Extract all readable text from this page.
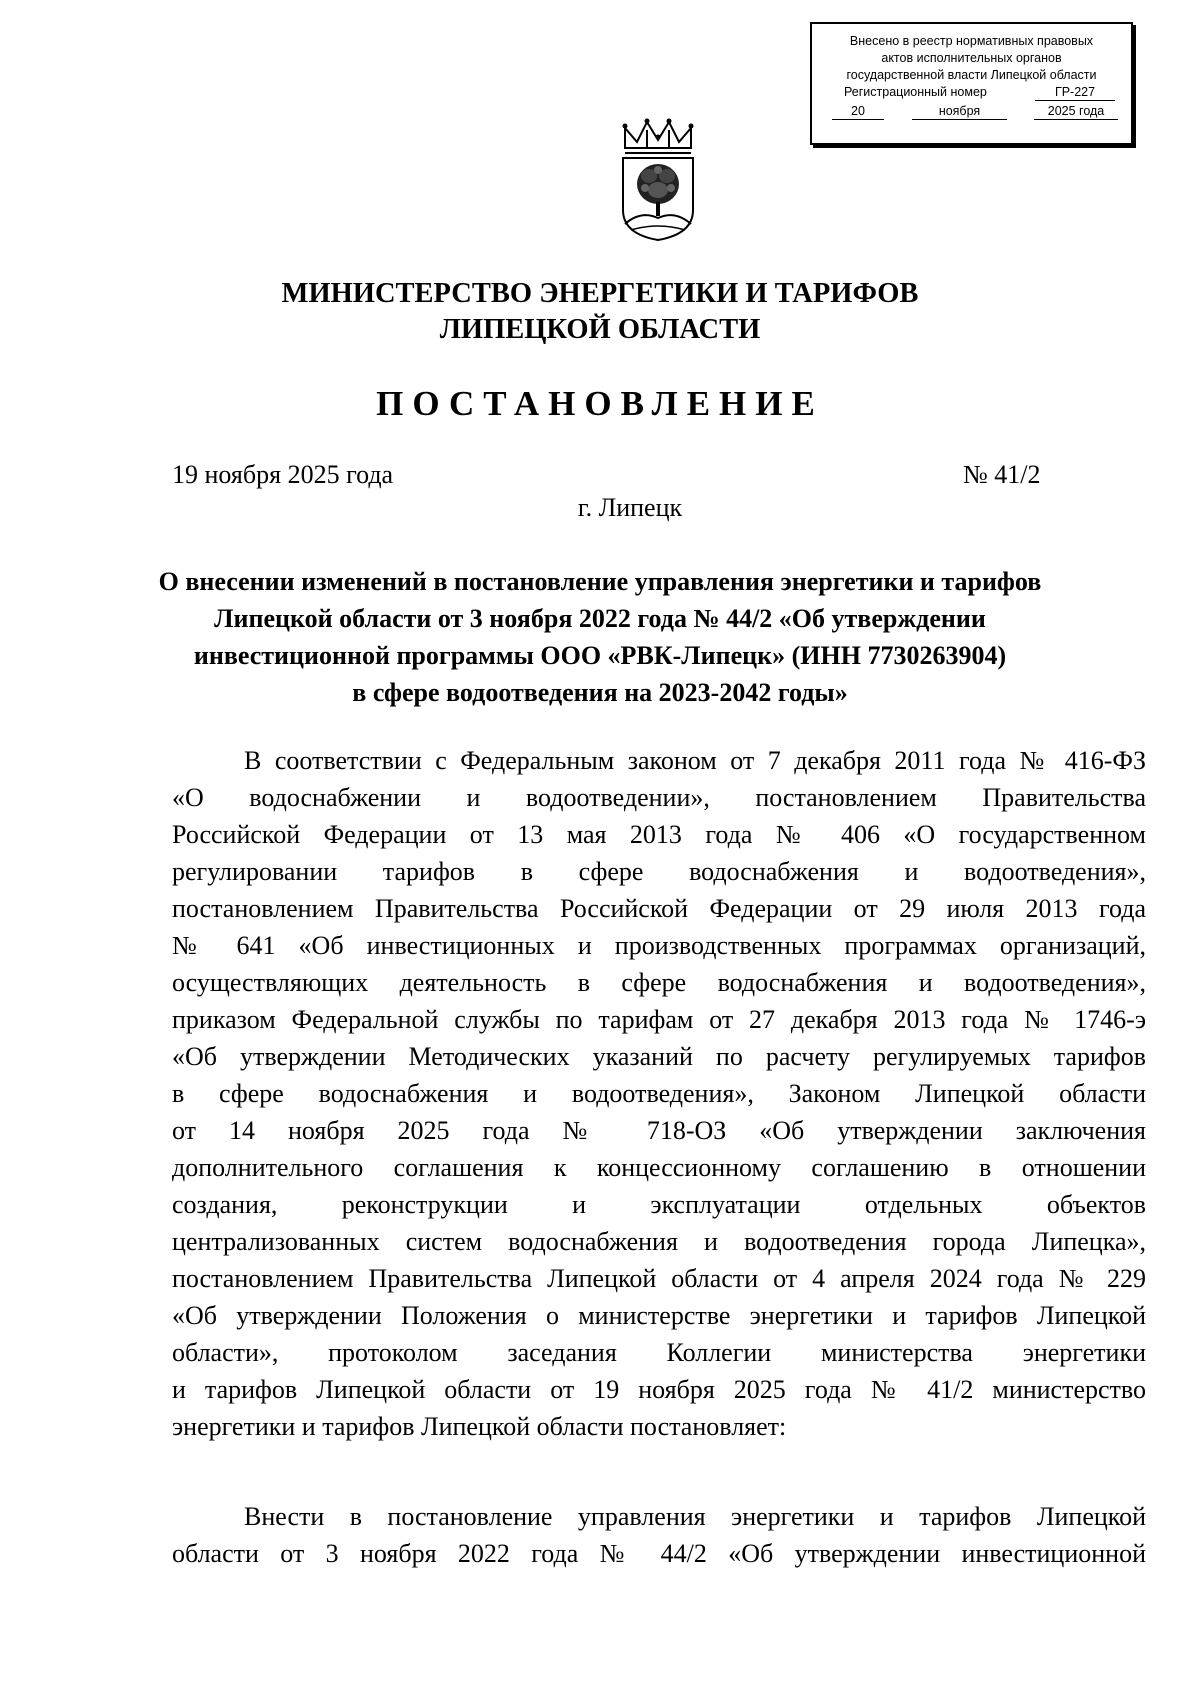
Внесено в реестр нормативных правовых
актов исполнительных органов
государственной власти Липецкой области
Регистрационный номер	ГР-227
20	ноября	2025 года
МИНИСТЕРСТВО ЭНЕРГЕТИКИ И ТАРИФОВ
ЛИПЕЦКОЙ ОБЛАСТИ
ПОСТАНОВЛЕНИЕ
19 ноября 2025 года	№ 41/2
г. Липецк
О внесении изменений в постановление управления энергетики и тарифов
Липецкой области от 3 ноября 2022 года № 44/2 «Об утверждении
инвестиционной программы ООО «РВК-Липецк» (ИНН 7730263904)
в сфере водоотведения на 2023-2042 годы»
В соответствии с Федеральным законом от 7 декабря 2011 года № 416-ФЗ
«О водоснабжении и водоотведении», постановлением Правительства
Российской Федерации от 13 мая 2013 года № 406 «О государственном
регулировании тарифов в сфере водоснабжения и водоотведения»,
постановлением Правительства Российской Федерации от 29 июля 2013 года
№ 641 «Об инвестиционных и производственных программах организаций,
осуществляющих деятельность в сфере водоснабжения и водоотведения»,
приказом Федеральной службы по тарифам от 27 декабря 2013 года № 1746-э
«Об утверждении Методических указаний по расчету регулируемых тарифов
в сфере водоснабжения и водоотведения», Законом Липецкой области
от 14 ноября 2025 года № 718-ОЗ «Об утверждении заключения
дополнительного соглашения к концессионному соглашению в отношении
создания, реконструкции и эксплуатации отдельных объектов
централизованных систем водоснабжения и водоотведения города Липецка»,
постановлением Правительства Липецкой области от 4 апреля 2024 года № 229
«Об утверждении Положения о министерстве энергетики и тарифов Липецкой
области», протоколом заседания Коллегии министерства энергетики
и тарифов Липецкой области от 19 ноября 2025 года № 41/2 министерство
энергетики и тарифов Липецкой области постановляет:
Внести в постановление управления энергетики и тарифов Липецкой
области от 3 ноября 2022 года № 44/2 «Об утверждении инвестиционной
